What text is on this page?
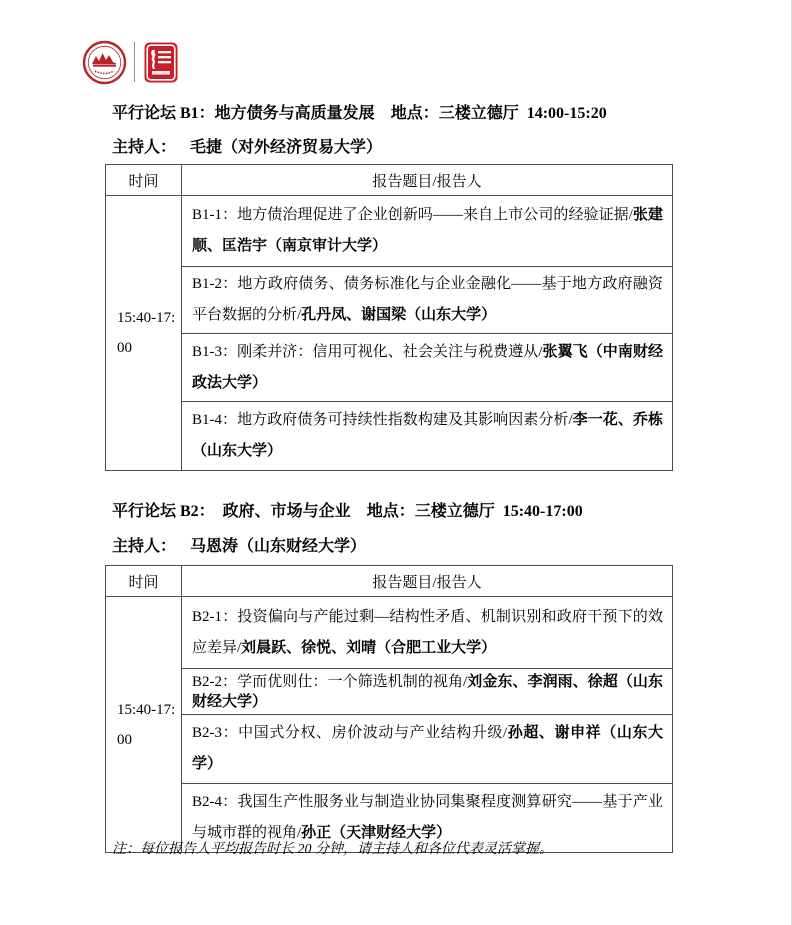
平行论坛 B1：地方债务与高质量发展 地点：三楼立德厅 14:00-15:20
主持人： 毛捷（对外经济贸易大学）
时间	报告题目/报告人

15:40-17:00	B1-1：地方债治理促进了企业创新吗——来自上市公司的经验证据/张建顺、匡浩宇（南京审计大学）
	B1-2：地方政府债务、债务标准化与企业金融化——基于地方政府融资平台数据的分析/孔丹凤、谢国梁（山东大学）
	B1-3：刚柔并济：信用可视化、社会关注与税费遵从/张翼飞（中南财经政法大学）
	B1-4：地方政府债务可持续性指数构建及其影响因素分析/李一花、乔栋（山东大学）
平行论坛 B2：　政府、市场与企业 地点：三楼立德厅 15:40-17:00
主持人： 马恩涛（山东财经大学）
时间	报告题目/报告人

15:40-17:00	B2-1：投资偏向与产能过剩—结构性矛盾、机制识别和政府干预下的效应差异/刘晨跃、徐悦、刘晴（合肥工业大学）
	B2-2：学而优则仕：一个筛选机制的视角/刘金东、李润雨、徐超（山东财经大学）
	B2-3：中国式分权、房价波动与产业结构升级/孙超、谢申祥（山东大学）
	B2-4：我国生产性服务业与制造业协同集聚程度测算研究——基于产业与城市群的视角/孙正（天津财经大学）
注：每位报告人平均报告时长 20 分钟，请主持人和各位代表灵活掌握。
